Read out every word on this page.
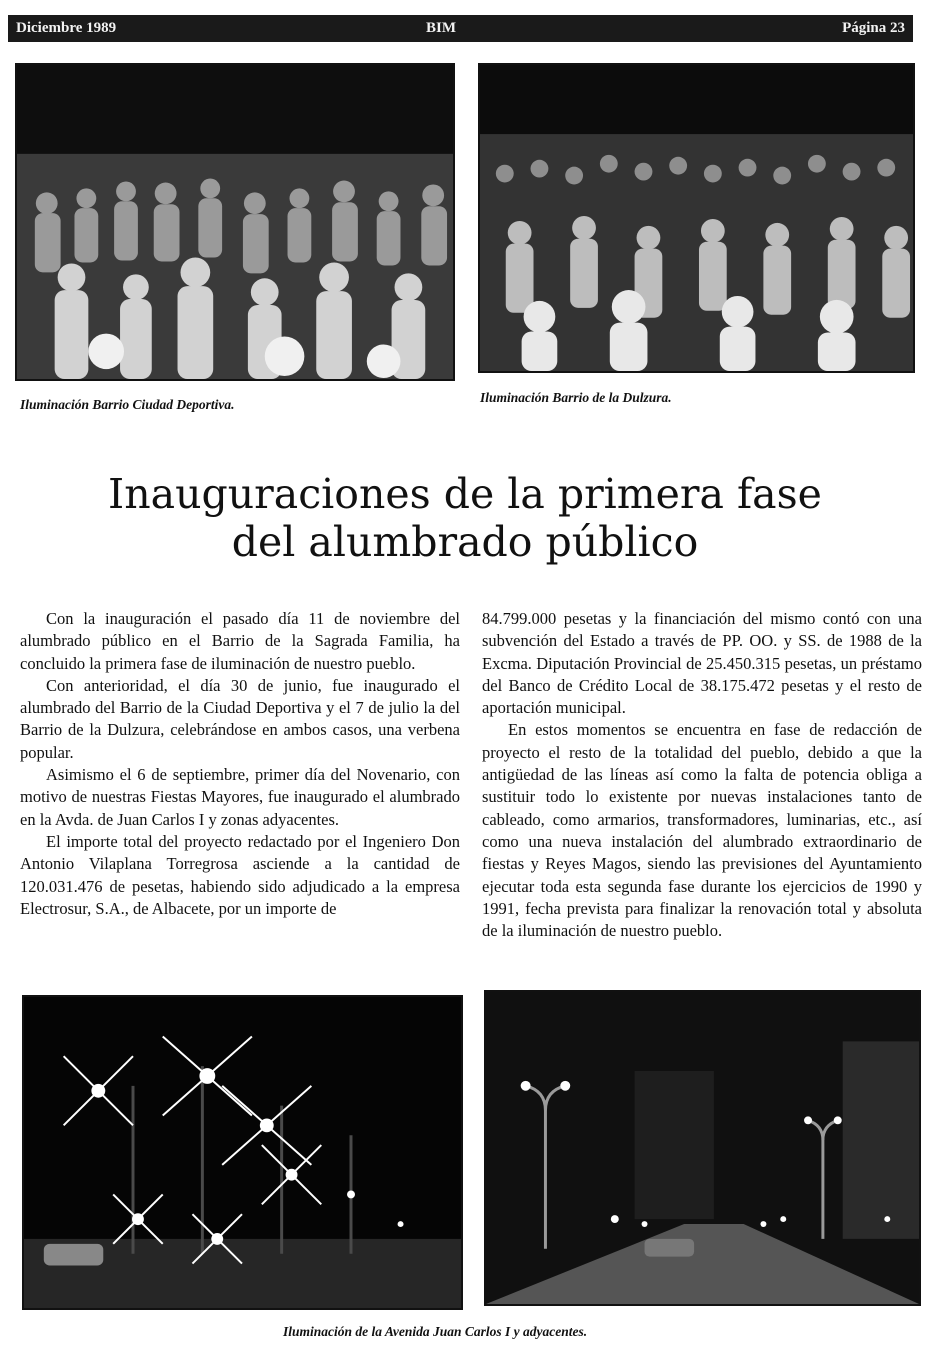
Diciembre 1989	BIM	Página 23
Iluminación Barrio Ciudad Deportiva.	Iluminación Barrio de la Dulzura.
Inauguraciones de la primera fase
del alumbrado público

Con la inauguración el pasado día 11 de noviembre del alumbrado público en el Barrio de la Sagrada Familia, ha concluido la primera fase de iluminación de nuestro pueblo.

Con anterioridad, el día 30 de junio, fue inaugurado el alumbrado del Barrio de la Ciudad Deportiva y el 7 de julio la del Barrio de la Dulzura, celebrándose en ambos casos, una verbena popular.

Asimismo el 6 de septiembre, primer día del Novenario, con motivo de nuestras Fiestas Mayores, fue inaugurado el alumbrado en la Avda. de Juan Carlos I y zonas adyacentes.

El importe total del proyecto redactado por el Ingeniero Don Antonio Vilaplana Torregrosa asciende a la cantidad de 120.031.476 de pesetas, habiendo sido adjudicado a la empresa Electrosur, S.A., de Albacete, por un importe de

84.799.000 pesetas y la financiación del mismo contó con una subvención del Estado a través de PP. OO. y SS. de 1988 de la Excma. Diputación Provincial de 25.450.315 pesetas, un préstamo del Banco de Crédito Local de 38.175.472 pesetas y el resto de aportación municipal.

En estos momentos se encuentra en fase de redacción de proyecto el resto de la totalidad del pueblo, debido a que la antigüedad de las líneas así como la falta de potencia obliga a sustituir todo lo existente por nuevas instalaciones tanto de cableado, como armarios, transformadores, luminarias, etc., así como una nueva instalación del alumbrado extraordinario de fiestas y Reyes Magos, siendo las previsiones del Ayuntamiento ejecutar toda esta segunda fase durante los ejercicios de 1990 y 1991, fecha prevista para finalizar la renovación total y absoluta de la iluminación de nuestro pueblo.

Iluminación de la Avenida Juan Carlos I y adyacentes.
